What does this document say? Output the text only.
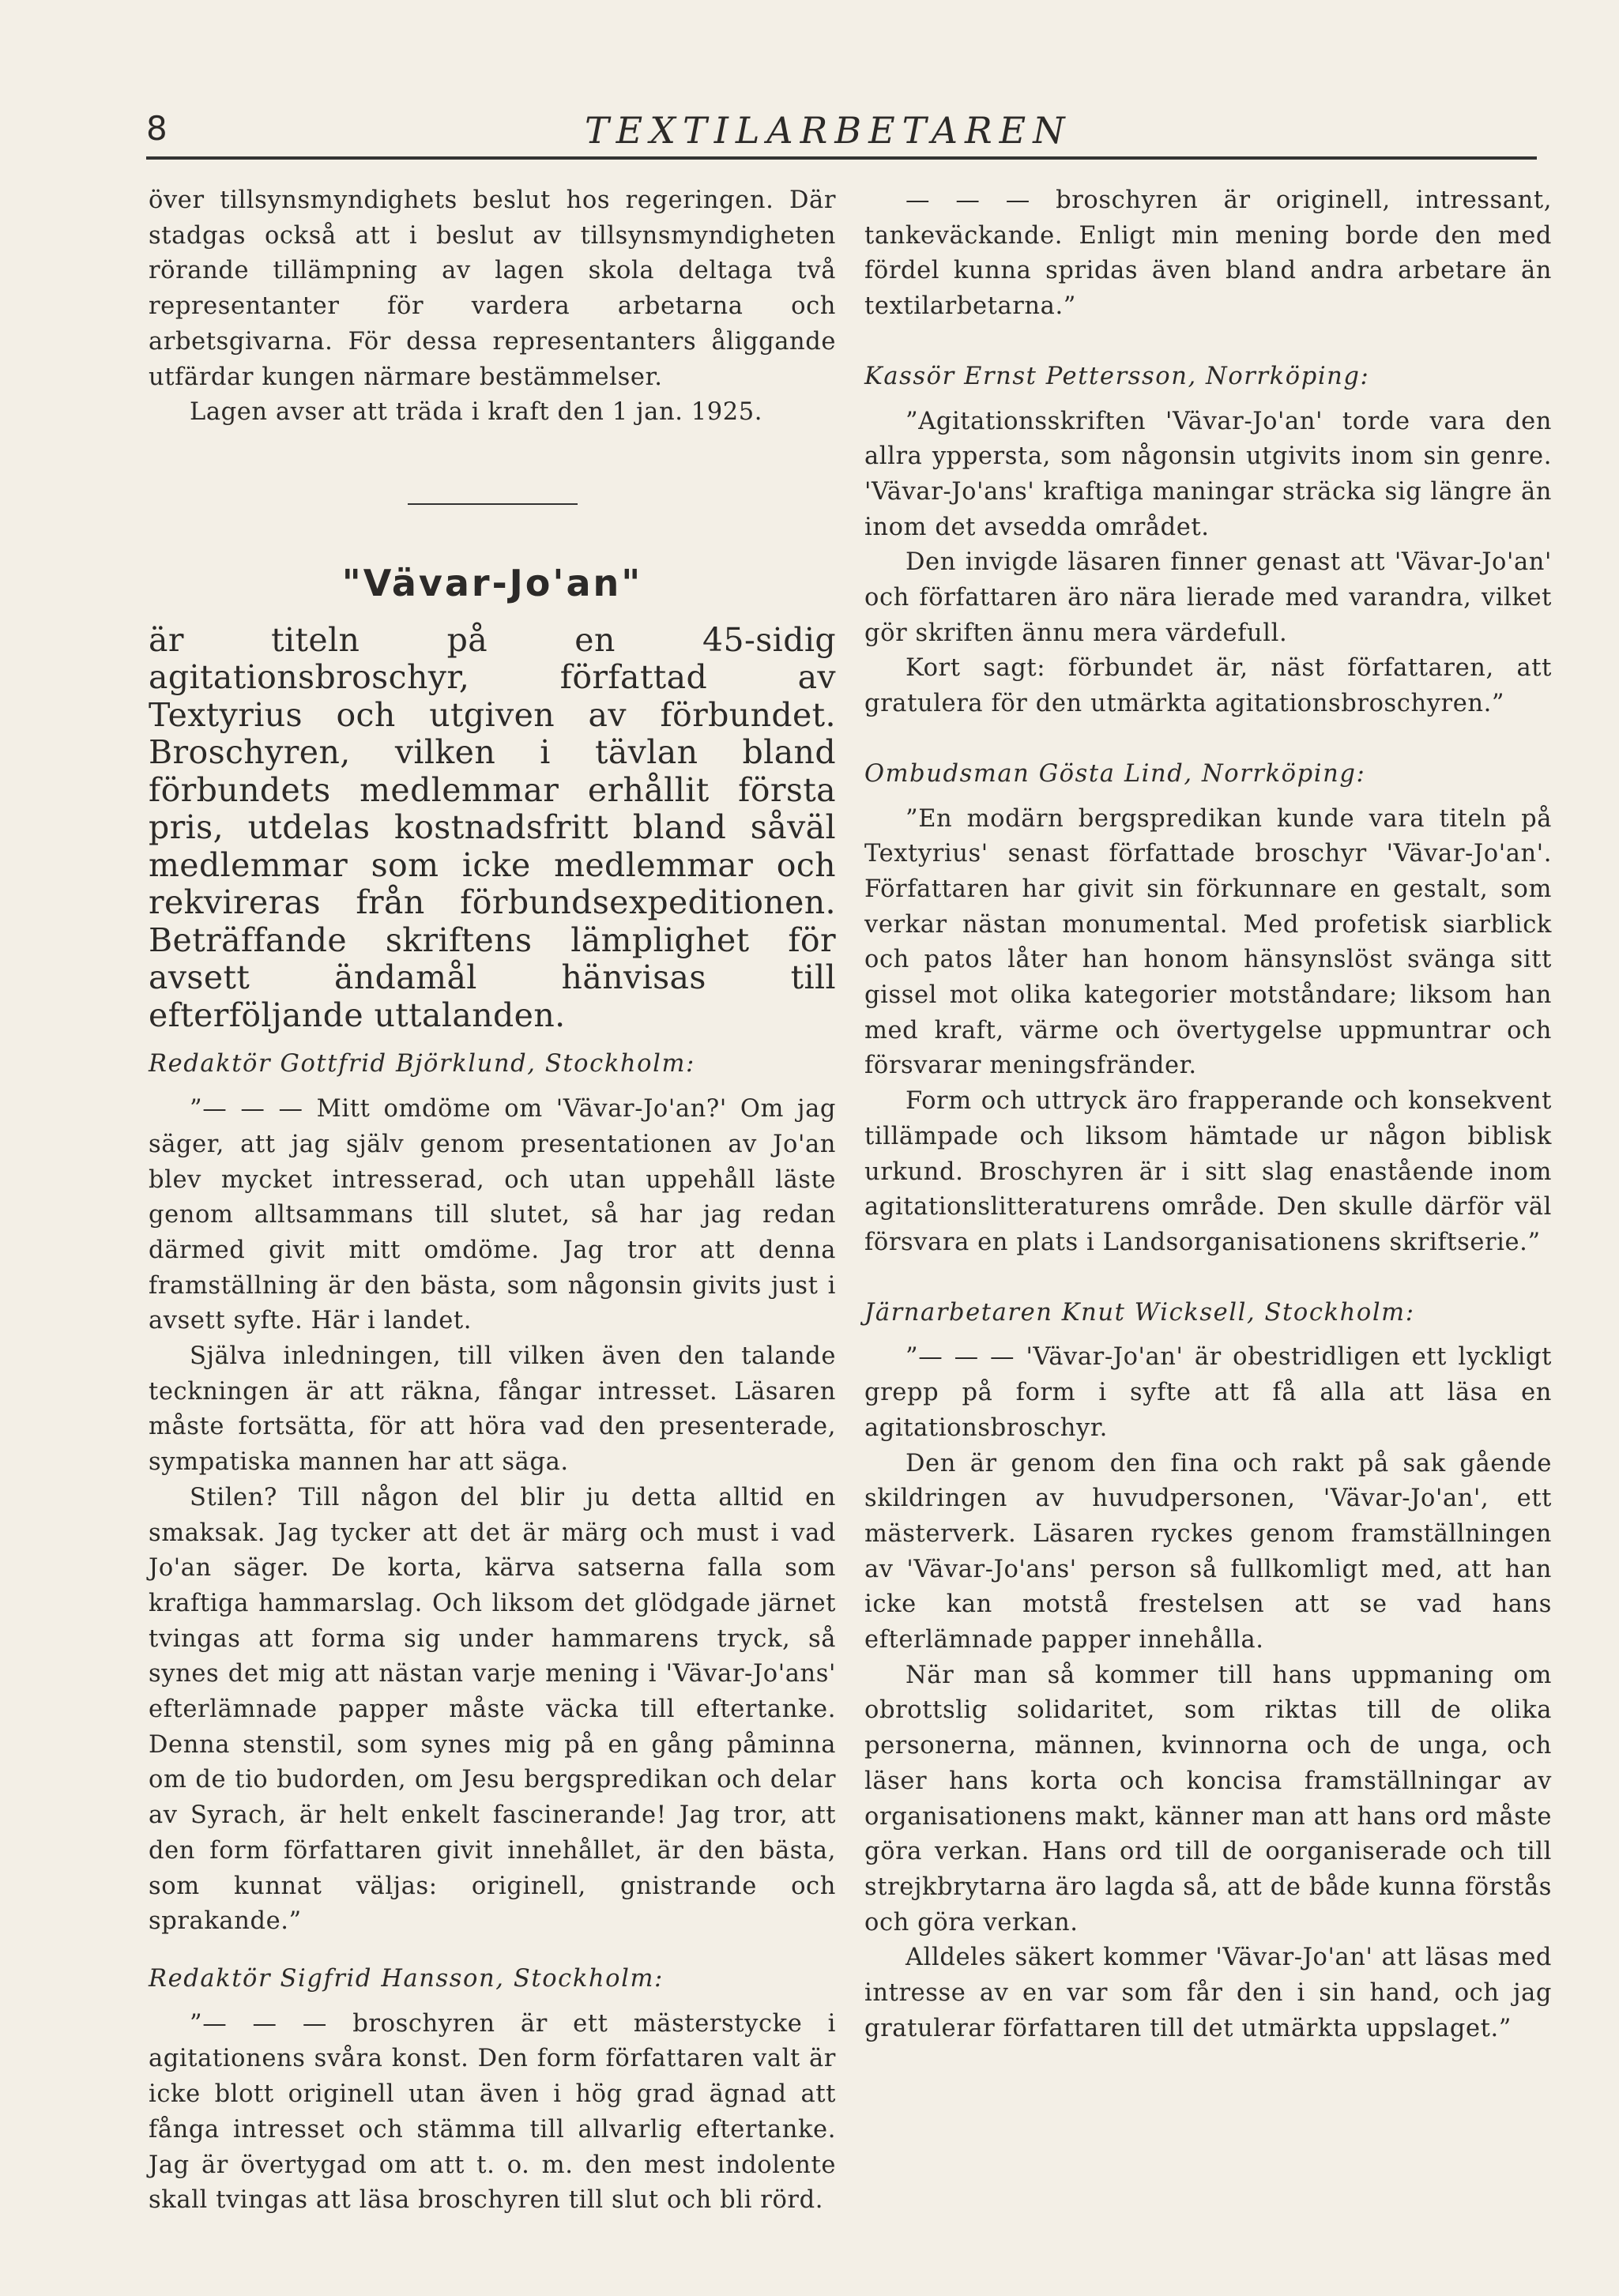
8	TEXTILARBETAREN

över tillsynsmyndighets beslut hos regeringen. Där stadgas också att i beslut av tillsynsmyndigheten rörande tillämpning av lagen skola deltaga två representanter för vardera arbetarna och arbetsgivarna. För dessa representanters åliggande utfärdar kungen närmare bestämmelser.

Lagen avser att träda i kraft den 1 jan. 1925.

"Vävar-Jo'an"

är titeln på en 45-sidig agitationsbroschyr, författad av Textyrius och utgiven av förbundet. Broschyren, vilken i tävlan bland förbundets medlemmar erhållit första pris, utdelas kostnadsfritt bland såväl medlemmar som icke medlemmar och rekvireras från förbundsexpeditionen. Beträffande skriftens lämplighet för avsett ändamål hänvisas till efterföljande uttalanden.

Redaktör Gottfrid Björklund, Stockholm:

”— — — Mitt omdöme om 'Vävar-Jo'an?' Om jag säger, att jag själv genom presentationen av Jo'an blev mycket intresserad, och utan uppehåll läste genom alltsammans till slutet, så har jag redan därmed givit mitt omdöme. Jag tror att denna framställning är den bästa, som någonsin givits just i avsett syfte. Här i landet.

Själva inledningen, till vilken även den talande teckningen är att räkna, fångar intresset. Läsaren måste fortsätta, för att höra vad den presenterade, sympatiska mannen har att säga.

Stilen? Till någon del blir ju detta alltid en smaksak. Jag tycker att det är märg och must i vad Jo'an säger. De korta, kärva satserna falla som kraftiga hammarslag. Och liksom det glödgade järnet tvingas att forma sig under hammarens tryck, så synes det mig att nästan varje mening i 'Vävar-Jo'ans' efterlämnade papper måste väcka till eftertanke. Denna stenstil, som synes mig på en gång påminna om de tio budorden, om Jesu bergspredikan och delar av Syrach, är helt enkelt fascinerande! Jag tror, att den form författaren givit innehållet, är den bästa, som kunnat väljas: originell, gnistrande och sprakande.”

Redaktör Sigfrid Hansson, Stockholm:

”— — — broschyren är ett mästerstycke i agitationens svåra konst. Den form författaren valt är icke blott originell utan även i hög grad ägnad att fånga intresset och stämma till allvarlig eftertanke. Jag är övertygad om att t. o. m. den mest indolente skall tvingas att läsa broschyren till slut och bli rörd.

— — — broschyren är originell, intressant, tankeväckande. Enligt min mening borde den med fördel kunna spridas även bland andra arbetare än textilarbetarna.”

Kassör Ernst Pettersson, Norrköping:

”Agitationsskriften 'Vävar-Jo'an' torde vara den allra yppersta, som någonsin utgivits inom sin genre. 'Vävar-Jo'ans' kraftiga maningar sträcka sig längre än inom det avsedda området.

Den invigde läsaren finner genast att 'Vävar-Jo'an' och författaren äro nära lierade med varandra, vilket gör skriften ännu mera värdefull.

Kort sagt: förbundet är, näst författaren, att gratulera för den utmärkta agitationsbroschyren.”

Ombudsman Gösta Lind, Norrköping:

”En modärn bergspredikan kunde vara titeln på Textyrius' senast författade broschyr 'Vävar-Jo'an'. Författaren har givit sin förkunnare en gestalt, som verkar nästan monumental. Med profetisk siarblick och patos låter han honom hänsynslöst svänga sitt gissel mot olika kategorier motståndare; liksom han med kraft, värme och övertygelse uppmuntrar och försvarar meningsfränder.

Form och uttryck äro frapperande och konsekvent tillämpade och liksom hämtade ur någon biblisk urkund. Broschyren är i sitt slag enastående inom agitationslitteraturens område. Den skulle därför väl försvara en plats i Landsorganisationens skriftserie.”

Järnarbetaren Knut Wicksell, Stockholm:

”— — — 'Vävar-Jo'an' är obestridligen ett lyckligt grepp på form i syfte att få alla att läsa en agitationsbroschyr.

Den är genom den fina och rakt på sak gående skildringen av huvudpersonen, 'Vävar-Jo'an', ett mästerverk. Läsaren ryckes genom framställningen av 'Vävar-Jo'ans' person så fullkomligt med, att han icke kan motstå frestelsen att se vad hans efterlämnade papper innehålla.

När man så kommer till hans uppmaning om obrottslig solidaritet, som riktas till de olika personerna, männen, kvinnorna och de unga, och läser hans korta och koncisa framställningar av organisationens makt, känner man att hans ord måste göra verkan. Hans ord till de oorganiserade och till strejkbrytarna äro lagda så, att de både kunna förstås och göra verkan.

Alldeles säkert kommer 'Vävar-Jo'an' att läsas med intresse av en var som får den i sin hand, och jag gratulerar författaren till det utmärkta uppslaget.”
